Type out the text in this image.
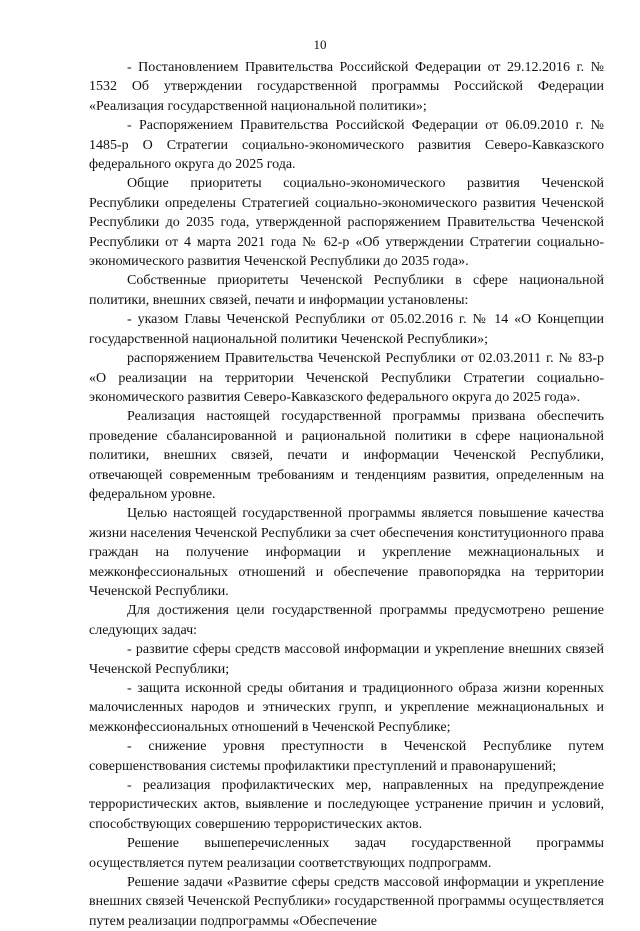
10

- Постановлением Правительства Российской Федерации от 29.12.2016 г. № 1532 Об утверждении государственной программы Российской Федерации «Реализация государственной национальной политики»;

- Распоряжением Правительства Российской Федерации от 06.09.2010 г. № 1485-р О Стратегии социально-экономического развития Северо-Кавказского федерального округа до 2025 года.

Общие приоритеты социально-экономического развития Чеченской Республики определены Стратегией социально-экономического развития Чеченской Республики до 2035 года, утвержденной распоряжением Правительства Чеченской Республики от 4 марта 2021 года № 62-р «Об утверждении Стратегии социально-экономического развития Чеченской Республики до 2035 года».

Собственные приоритеты Чеченской Республики в сфере национальной политики, внешних связей, печати и информации установлены:

- указом Главы Чеченской Республики от 05.02.2016 г. № 14 «О Концепции государственной национальной политики Чеченской Республики»;

распоряжением Правительства Чеченской Республики от 02.03.2011 г. № 83-р «О реализации на территории Чеченской Республики Стратегии социально-экономического развития Северо-Кавказского федерального округа до 2025 года».

Реализация настоящей государственной программы призвана обеспечить проведение сбалансированной и рациональной политики в сфере национальной политики, внешних связей, печати и информации Чеченской Республики, отвечающей современным требованиям и тенденциям развития, определенным на федеральном уровне.

Целью настоящей государственной программы является повышение качества жизни населения Чеченской Республики за счет обеспечения конституционного права граждан на получение информации и укрепление межнациональных и межконфессиональных отношений и обеспечение правопорядка на территории Чеченской Республики.

Для достижения цели государственной программы предусмотрено решение следующих задач:

- развитие сферы средств массовой информации и укрепление внешних связей Чеченской Республики;

- защита исконной среды обитания и традиционного образа жизни коренных малочисленных народов и этнических групп, и укрепление межнациональных и межконфессиональных отношений в Чеченской Республике;

- снижение уровня преступности в Чеченской Республике путем совершенствования системы профилактики преступлений и правонарушений;

- реализация профилактических мер, направленных на предупреждение террористических актов, выявление и последующее устранение причин и условий, способствующих совершению террористических актов.

Решение вышеперечисленных задач государственной программы осуществляется путем реализации соответствующих подпрограмм.

Решение задачи «Развитие сферы средств массовой информации и укрепление внешних связей Чеченской Республики» государственной программы осуществляется путем реализации подпрограммы «Обеспечение
